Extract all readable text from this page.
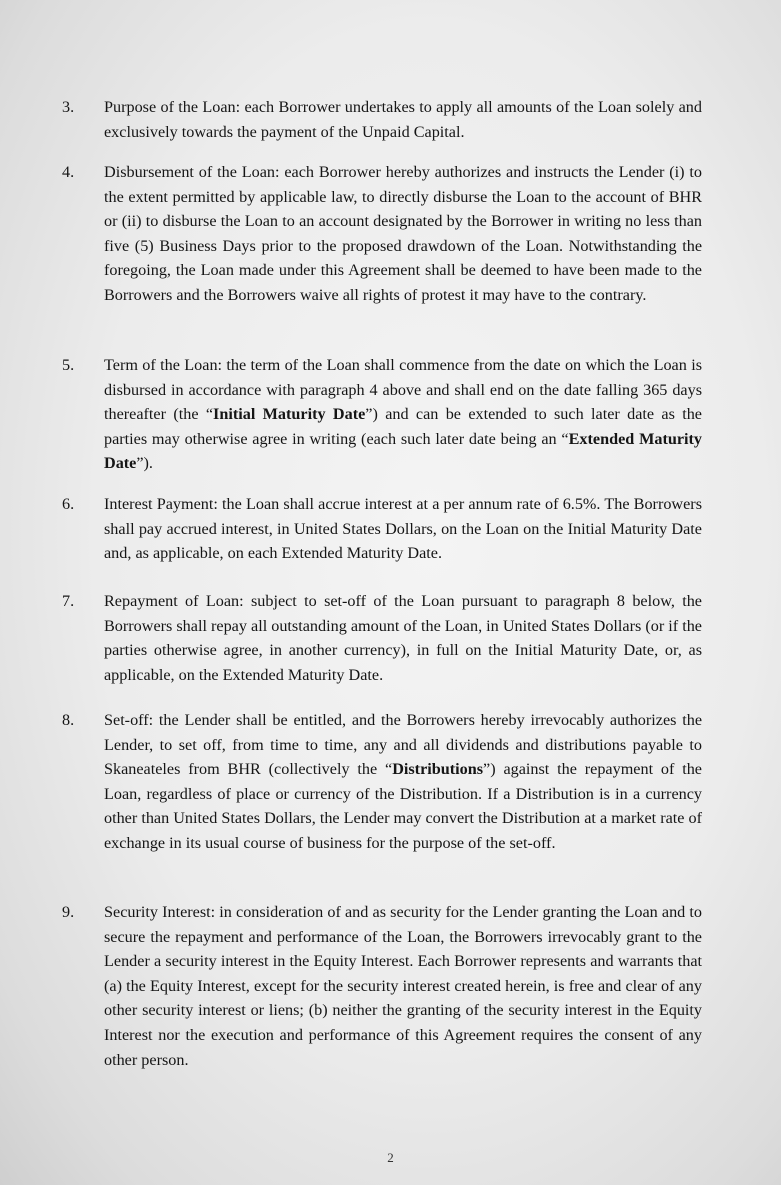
3.	Purpose of the Loan: each Borrower undertakes to apply all amounts of the Loan solely and exclusively towards the payment of the Unpaid Capital.
4.	Disbursement of the Loan: each Borrower hereby authorizes and instructs the Lender (i) to the extent permitted by applicable law, to directly disburse the Loan to the account of BHR or (ii) to disburse the Loan to an account designated by the Borrower in writing no less than five (5) Business Days prior to the proposed drawdown of the Loan. Notwithstanding the foregoing, the Loan made under this Agreement shall be deemed to have been made to the Borrowers and the Borrowers waive all rights of protest it may have to the contrary.
5.	Term of the Loan: the term of the Loan shall commence from the date on which the Loan is disbursed in accordance with paragraph 4 above and shall end on the date falling 365 days thereafter (the “Initial Maturity Date”) and can be extended to such later date as the parties may otherwise agree in writing (each such later date being an “Extended Maturity Date”).
6.	Interest Payment: the Loan shall accrue interest at a per annum rate of 6.5%. The Borrowers shall pay accrued interest, in United States Dollars, on the Loan on the Initial Maturity Date and, as applicable, on each Extended Maturity Date.
7.	Repayment of Loan: subject to set-off of the Loan pursuant to paragraph 8 below, the Borrowers shall repay all outstanding amount of the Loan, in United States Dollars (or if the parties otherwise agree, in another currency), in full on the Initial Maturity Date, or, as applicable, on the Extended Maturity Date.
8.	Set-off: the Lender shall be entitled, and the Borrowers hereby irrevocably authorizes the Lender, to set off, from time to time, any and all dividends and distributions payable to Skaneateles from BHR (collectively the “Distributions”) against the repayment of the Loan, regardless of place or currency of the Distribution. If a Distribution is in a currency other than United States Dollars, the Lender may convert the Distribution at a market rate of exchange in its usual course of business for the purpose of the set-off.
9.	Security Interest: in consideration of and as security for the Lender granting the Loan and to secure the repayment and performance of the Loan, the Borrowers irrevocably grant to the Lender a security interest in the Equity Interest. Each Borrower represents and warrants that (a) the Equity Interest, except for the security interest created herein, is free and clear of any other security interest or liens; (b) neither the granting of the security interest in the Equity Interest nor the execution and performance of this Agreement requires the consent of any other person.
2
